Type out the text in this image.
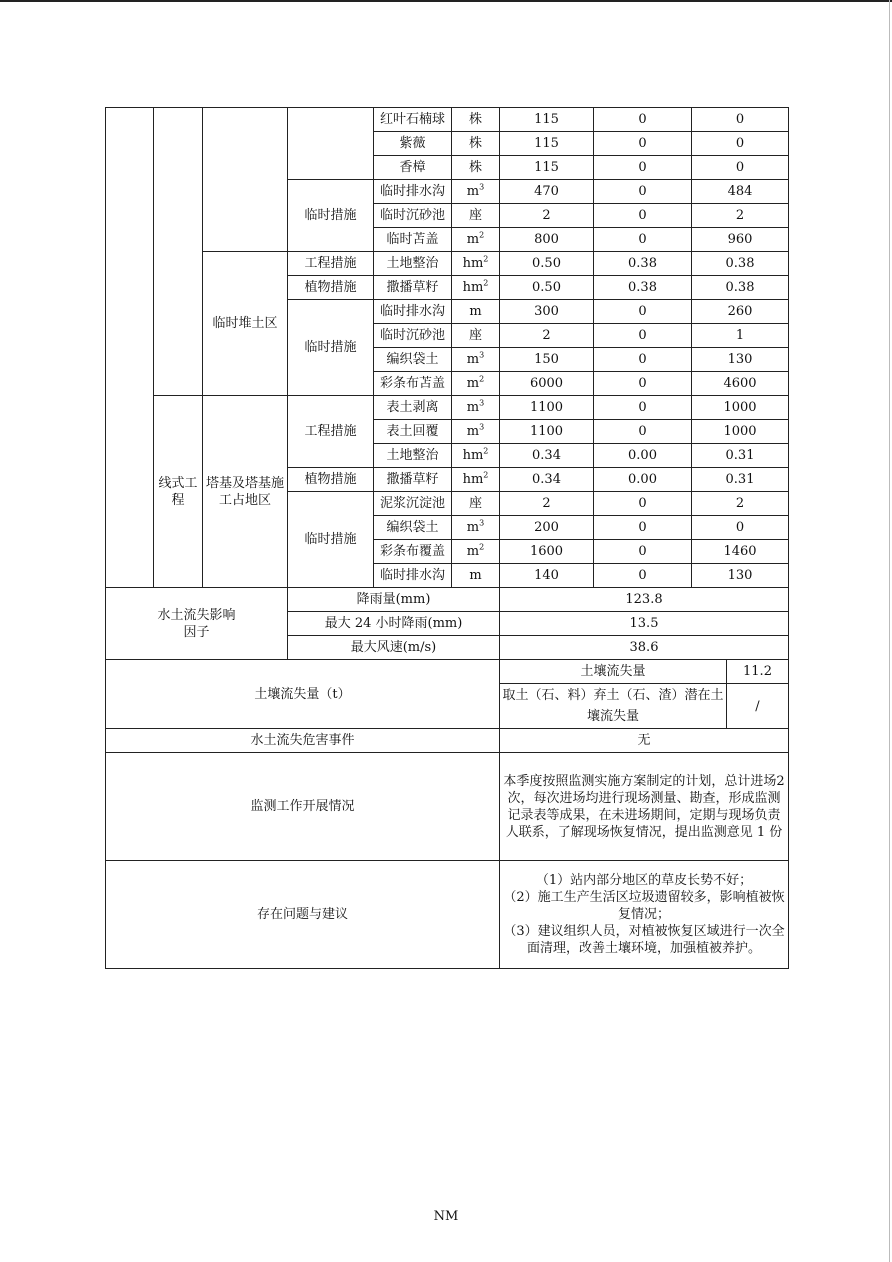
				红叶石楠球	株	115	0	0	
				紫薇	株	115	0	0	
				香樟	株	115	0	0	
			临时措施	临时排水沟	$m^3$	470	0	484	
				临时沉砂池	座	2	0	2	
				临时苫盖	$m^2$	800	0	960	
		临时堆土区	工程措施	土地整治	$hm^2$	0.50	0.38	0.38	
			植物措施	撒播草籽	$hm^2$	0.50	0.38	0.38	
			临时措施	临时排水沟	m	300	0	260	
				临时沉砂池	座	2	0	1	
				编织袋土	$m^3$	150	0	130	
				彩条布苫盖	$m^2$	6000	0	4600	
	线式工程	塔基及塔基施工占地区	工程措施	表土剥离	$m^3$	1100	0	1000	
				表土回覆	$m^3$	1100	0	1000	
				土地整治	$hm^2$	0.34	0.00	0.31	
			植物措施	撒播草籽	$hm^2$	0.34	0.00	0.31	
			临时措施	泥浆沉淀池	座	2	0	2	
				编织袋土	$m^3$	200	0	0	
				彩条布覆盖	$m^2$	1600	0	1460	
				临时排水沟	m	140	0	130	
水土流失影响因子			降雨量(mm)			123.8			
			最大 24 小时降雨(mm)			13.5			
			最大风速(m/s)			38.6			
土壤流失量（t）						土壤流失量			11.2
						取土（石、料）弃土（石、渣）潜在土壤流失量			/
水土流失危害事件						无			
监测工作开展情况						本季度按照监测实施方案制定的计划，总计进场2 次，每次进场均进行现场测量、勘查，形成监测记录表等成果，在未进场期间，定期与现场负责人联系，了解现场恢复情况，提出监测意见 1 份			
存在问题与建议						（1）站内部分地区的草皮长势不好；
（2）施工生产生活区垃圾遗留较多，影响植被恢复情况；
（3）建议组织人员，对植被恢复区域进行一次全面清理，改善土壤环境，加强植被养护。			
NM
